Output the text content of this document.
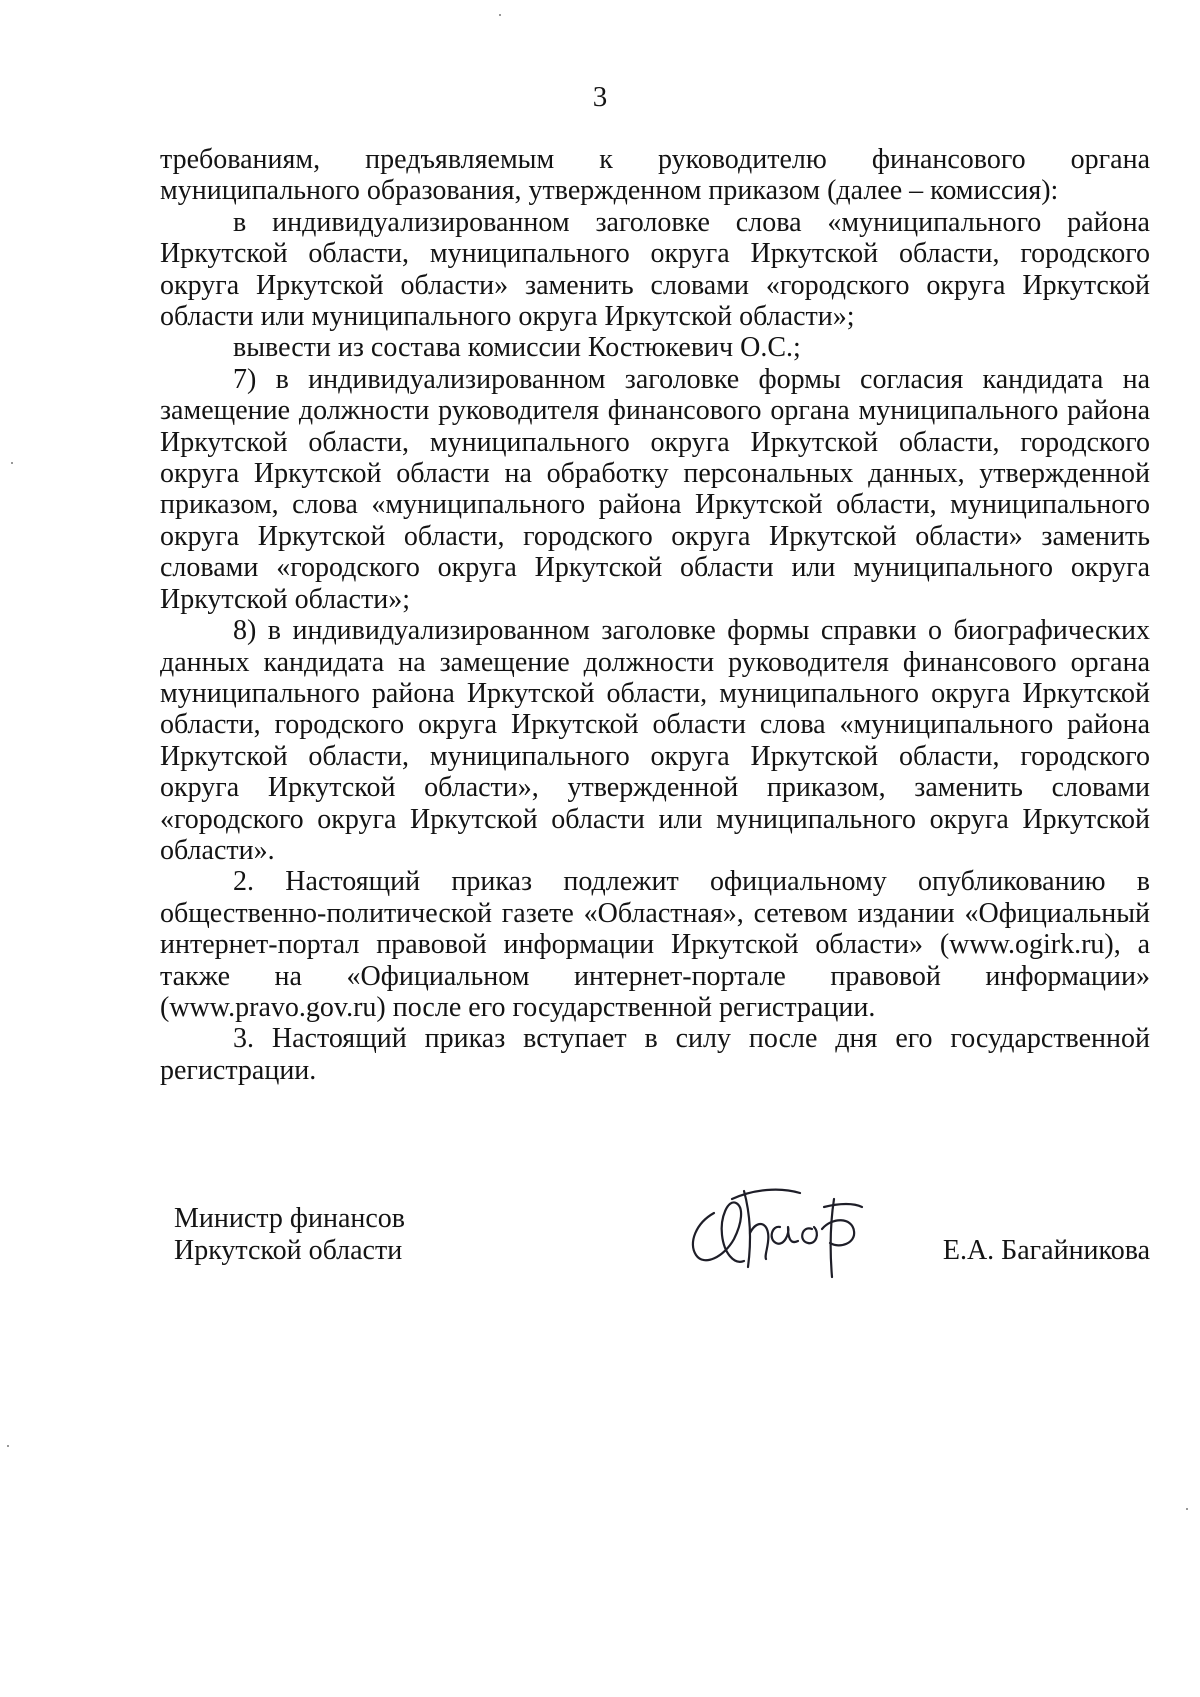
3

требованиям, предъявляемым к руководителю финансового органа муниципального образования, утвержденном приказом (далее – комиссия):

в индивидуализированном заголовке слова «муниципального района Иркутской области, муниципального округа Иркутской области, городского округа Иркутской области» заменить словами «городского округа Иркутской области или муниципального округа Иркутской области»;

вывести из состава комиссии Костюкевич О.С.;

7) в индивидуализированном заголовке формы согласия кандидата на замещение должности руководителя финансового органа муниципального района Иркутской области, муниципального округа Иркутской области, городского округа Иркутской области на обработку персональных данных, утвержденной приказом, слова «муниципального района Иркутской области, муниципального округа Иркутской области, городского округа Иркутской области» заменить словами «городского округа Иркутской области или муниципального округа Иркутской области»;

8) в индивидуализированном заголовке формы справки о биографических данных кандидата на замещение должности руководителя финансового органа муниципального района Иркутской области, муниципального округа Иркутской области, городского округа Иркутской области слова «муниципального района Иркутской области, муниципального округа Иркутской области, городского округа Иркутской области», утвержденной приказом, заменить словами «городского округа Иркутской области или муниципального округа Иркутской области».

2. Настоящий приказ подлежит официальному опубликованию в общественно-политической газете «Областная», сетевом издании «Официальный интернет-портал правовой информации Иркутской области» (www.ogirk.ru), а также на «Официальном интернет-портале правовой информации» (www.pravo.gov.ru) после его государственной регистрации.

3. Настоящий приказ вступает в силу после дня его государственной регистрации.

Министр финансов
Иркутской области	Е.А. Багайникова
